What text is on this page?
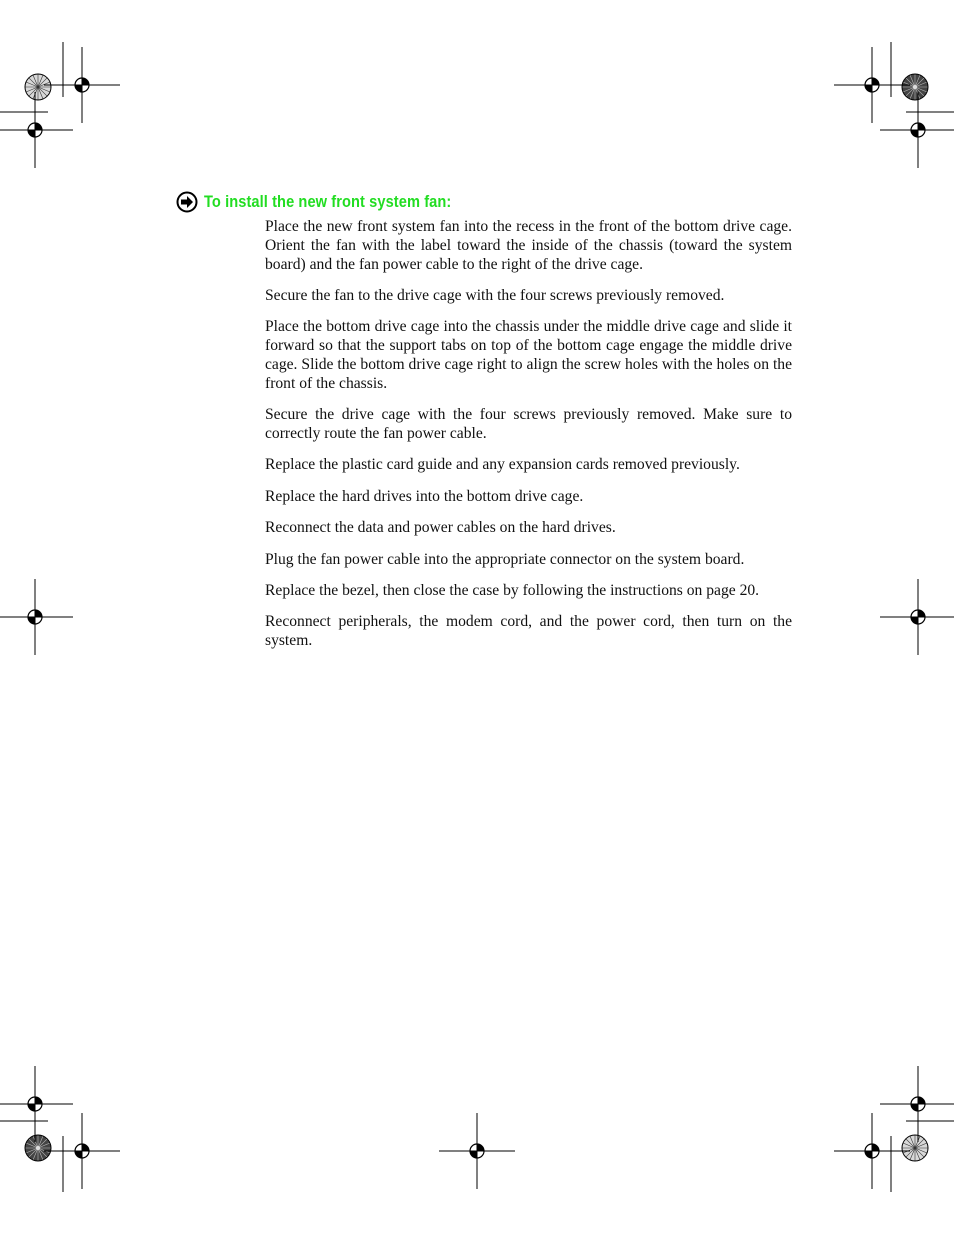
To install the new front system fan:

Place the new front system fan into the recess in the front of the bottom drive cage. Orient the fan with the label toward the inside of the chassis (toward the system board) and the fan power cable to the right of the drive cage.

Secure the fan to the drive cage with the four screws previously removed.

Place the bottom drive cage into the chassis under the middle drive cage and slide it forward so that the support tabs on top of the bottom cage engage the middle drive cage. Slide the bottom drive cage right to align the screw holes with the holes on the front of the chassis.

Secure the drive cage with the four screws previously removed. Make sure to correctly route the fan power cable.

Replace the plastic card guide and any expansion cards removed previously.

Replace the hard drives into the bottom drive cage.

Reconnect the data and power cables on the hard drives.

Plug the fan power cable into the appropriate connector on the system board.

Replace the bezel, then close the case by following the instructions on page 20.

Reconnect peripherals, the modem cord, and the power cord, then turn on the system.
